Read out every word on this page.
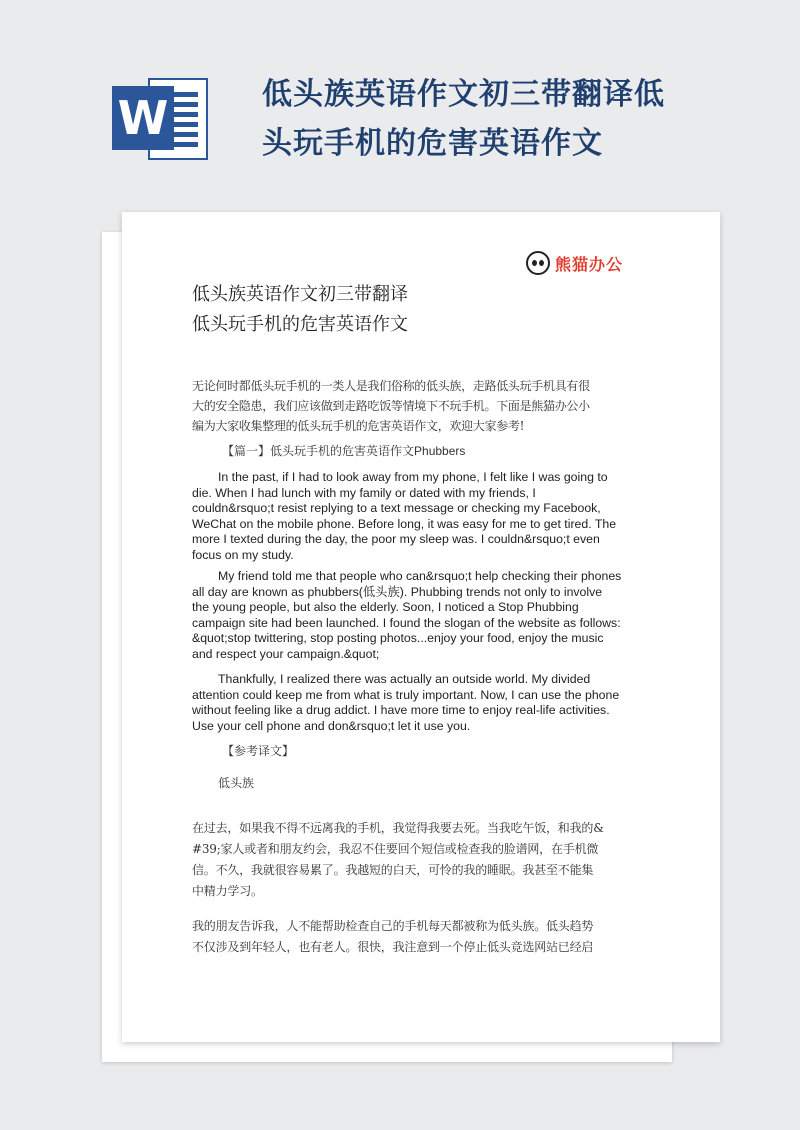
W	低头族英语作文初三带翻译低
头玩手机的危害英语作文
熊猫办公
低头族英语作文初三带翻译
低头玩手机的危害英语作文
无论何时都低头玩手机的一类人是我们俗称的低头族，走路低头玩手机具有很
大的安全隐患，我们应该做到走路吃饭等情境下不玩手机。下面是熊猫办公小
编为大家收集整理的低头玩手机的危害英语作文，欢迎大家参考!
【篇一】低头玩手机的危害英语作文Phubbers
In the past, if I had to look away from my phone, I felt like I was going to
die. When I had lunch with my family or dated with my friends, I
couldn&rsquo;t resist replying to a text message or checking my Facebook,
WeChat on the mobile phone. Before long, it was easy for me to get tired. The
more I texted during the day, the poor my sleep was. I couldn&rsquo;t even
focus on my study.
My friend told me that people who can&rsquo;t help checking their phones
all day are known as phubbers(低头族). Phubbing trends not only to involve
the young people, but also the elderly. Soon, I noticed a Stop Phubbing
campaign site had been launched. I found the slogan of the website as follows:
&quot;stop twittering, stop posting photos...enjoy your food, enjoy the music
and respect your campaign.&quot;
Thankfully, I realized there was actually an outside world. My divided
attention could keep me from what is truly important. Now, I can use the phone
without feeling like a drug addict. I have more time to enjoy real-life activities.
Use your cell phone and don&rsquo;t let it use you.
【参考译文】
低头族
在过去，如果我不得不远离我的手机，我觉得我要去死。当我吃午饭，和我的&
#39;家人或者和朋友约会，我忍不住要回个短信或检查我的脸谱网，在手机微
信。不久，我就很容易累了。我越短的白天，可怜的我的睡眠。我甚至不能集
中精力学习。
我的朋友告诉我，人不能帮助检查自己的手机每天都被称为低头族。低头趋势
不仅涉及到年轻人，也有老人。很快，我注意到一个停止低头竞选网站已经启
